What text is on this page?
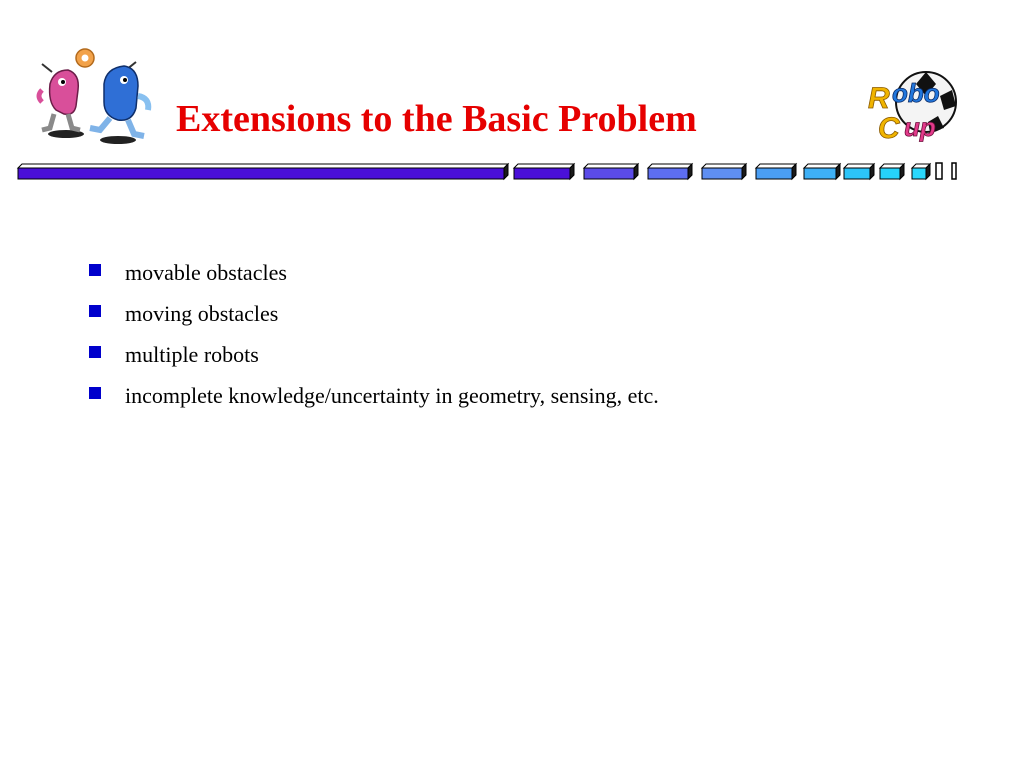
Extensions to the Basic Problem	R obo
C up
movable obstacles
moving obstacles
multiple robots
incomplete knowledge/uncertainty in geometry, sensing, etc.
